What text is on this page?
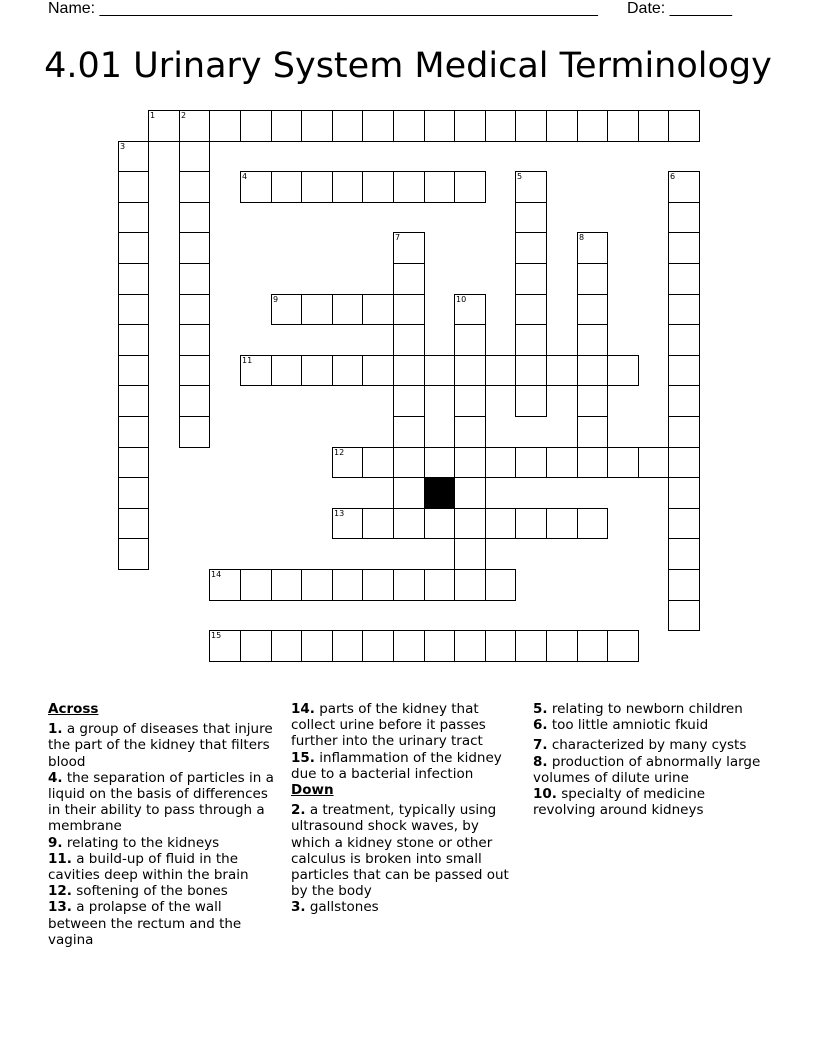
Name: ________________________________________________________ Date: _______
4.01 Urinary System Medical Terminology
1	2
3
4	5	6
7	8
9	10
11
12
13
14
15
Across
1. a group of diseases that injure the part of the kidney that filters blood
4. the separation of particles in a liquid on the basis of differences in their ability to pass through a membrane
9. relating to the kidneys
11. a build-up of fluid in the cavities deep within the brain
12. softening of the bones
13. a prolapse of the wall between the rectum and the vagina
14. parts of the kidney that collect urine before it passes further into the urinary tract
15. inflammation of the kidney due to a bacterial infection
Down
2. a treatment, typically using ultrasound shock waves, by which a kidney stone or other calculus is broken into small particles that can be passed out by the body
3. gallstones
5. relating to newborn children
6. too little amniotic fkuid
7. characterized by many cysts
8. production of abnormally large volumes of dilute urine
10. specialty of medicine revolving around kidneys
